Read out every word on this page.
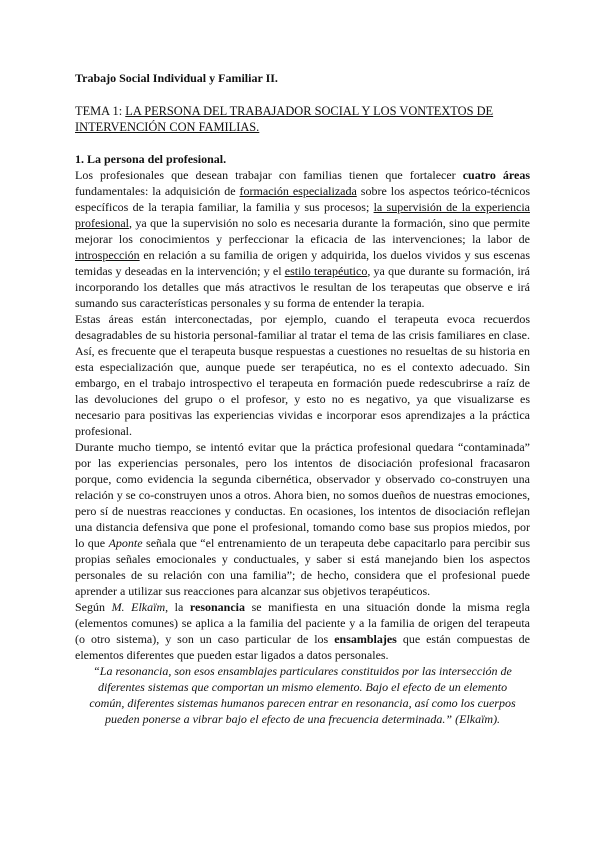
Trabajo Social Individual y Familiar II.
TEMA 1: LA PERSONA DEL TRABAJADOR SOCIAL Y LOS VONTEXTOS DE INTERVENCIÓN CON FAMILIAS.
1. La persona del profesional.
Los profesionales que desean trabajar con familias tienen que fortalecer cuatro áreas fundamentales: la adquisición de formación especializada sobre los aspectos teórico-técnicos específicos de la terapia familiar, la familia y sus procesos; la supervisión de la experiencia profesional, ya que la supervisión no solo es necesaria durante la formación, sino que permite mejorar los conocimientos y perfeccionar la eficacia de las intervenciones; la labor de introspección en relación a su familia de origen y adquirida, los duelos vividos y sus escenas temidas y deseadas en la intervención; y el estilo terapéutico, ya que durante su formación, irá incorporando los detalles que más atractivos le resultan de los terapeutas que observe e irá sumando sus características personales y su forma de entender la terapia.
Estas áreas están interconectadas, por ejemplo, cuando el terapeuta evoca recuerdos desagradables de su historia personal-familiar al tratar el tema de las crisis familiares en clase. Así, es frecuente que el terapeuta busque respuestas a cuestiones no resueltas de su historia en esta especialización que, aunque puede ser terapéutica, no es el contexto adecuado. Sin embargo, en el trabajo introspectivo el terapeuta en formación puede redescubrirse a raíz de las devoluciones del grupo o el profesor, y esto no es negativo, ya que visualizarse es necesario para positivas las experiencias vividas e incorporar esos aprendizajes a la práctica profesional.
Durante mucho tiempo, se intentó evitar que la práctica profesional quedara “contaminada” por las experiencias personales, pero los intentos de disociación profesional fracasaron porque, como evidencia la segunda cibernética, observador y observado co-construyen una relación y se co-construyen unos a otros. Ahora bien, no somos dueños de nuestras emociones, pero sí de nuestras reacciones y conductas. En ocasiones, los intentos de disociación reflejan una distancia defensiva que pone el profesional, tomando como base sus propios miedos, por lo que Aponte señala que “el entrenamiento de un terapeuta debe capacitarlo para percibir sus propias señales emocionales y conductuales, y saber si está manejando bien los aspectos personales de su relación con una familia”; de hecho, considera que el profesional puede aprender a utilizar sus reacciones para alcanzar sus objetivos terapéuticos.
Según M. Elkaïm, la resonancia se manifiesta en una situación donde la misma regla (elementos comunes) se aplica a la familia del paciente y a la familia de origen del terapeuta (o otro sistema), y son un caso particular de los ensamblajes que están compuestas de elementos diferentes que pueden estar ligados a datos personales.
“La resonancia, son esos ensamblajes particulares constituidos por las intersección de diferentes sistemas que comportan un mismo elemento. Bajo el efecto de un elemento común, diferentes sistemas humanos parecen entrar en resonancia, así como los cuerpos pueden ponerse a vibrar bajo el efecto de una frecuencia determinada.” (Elkaïm).
